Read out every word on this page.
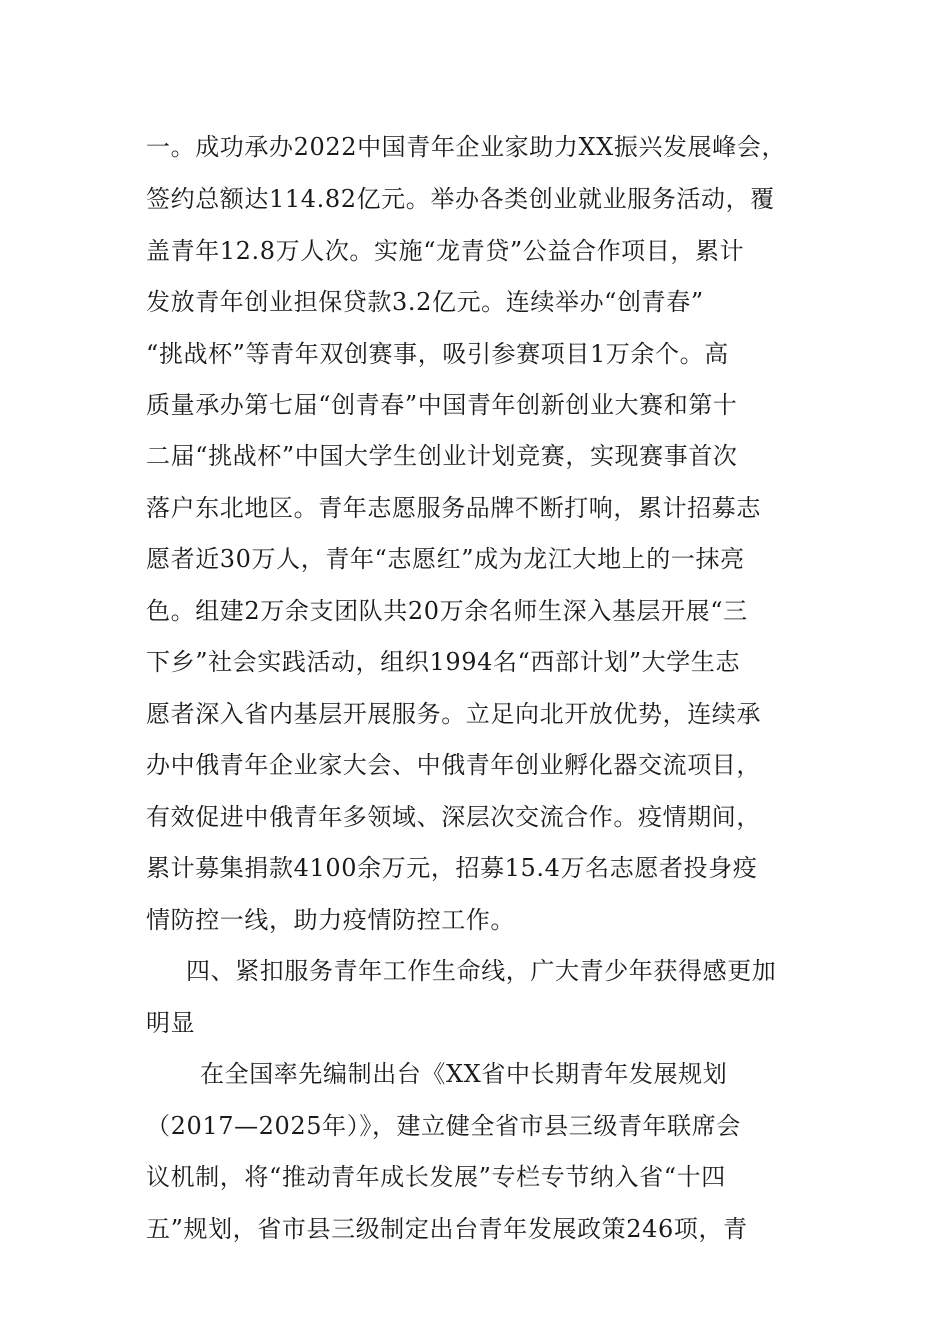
一。成功承办2022中国青年企业家助力XX振兴发展峰会，
签约总额达114.82亿元。举办各类创业就业服务活动，覆
盖青年12.8万人次。实施“龙青贷”公益合作项目，累计
发放青年创业担保贷款3.2亿元。连续举办“创青春”
“挑战杯”等青年双创赛事，吸引参赛项目1万余个。高
质量承办第七届“创青春”中国青年创新创业大赛和第十
二届“挑战杯”中国大学生创业计划竞赛，实现赛事首次
落户东北地区。青年志愿服务品牌不断打响，累计招募志
愿者近30万人，青年“志愿红”成为龙江大地上的一抹亮
色。组建2万余支团队共20万余名师生深入基层开展“三
下乡”社会实践活动，组织1994名“西部计划”大学生志
愿者深入省内基层开展服务。立足向北开放优势，连续承
办中俄青年企业家大会、中俄青年创业孵化器交流项目，
有效促进中俄青年多领域、深层次交流合作。疫情期间，
累计募集捐款4100余万元，招募15.4万名志愿者投身疫
情防控一线，助力疫情防控工作。
四、紧扣服务青年工作生命线，广大青少年获得感更加
明显
在全国率先编制出台《XX省中长期青年发展规划
（2017—2025年）》，建立健全省市县三级青年联席会
议机制，将“推动青年成长发展”专栏专节纳入省“十四
五”规划，省市县三级制定出台青年发展政策246项，青
